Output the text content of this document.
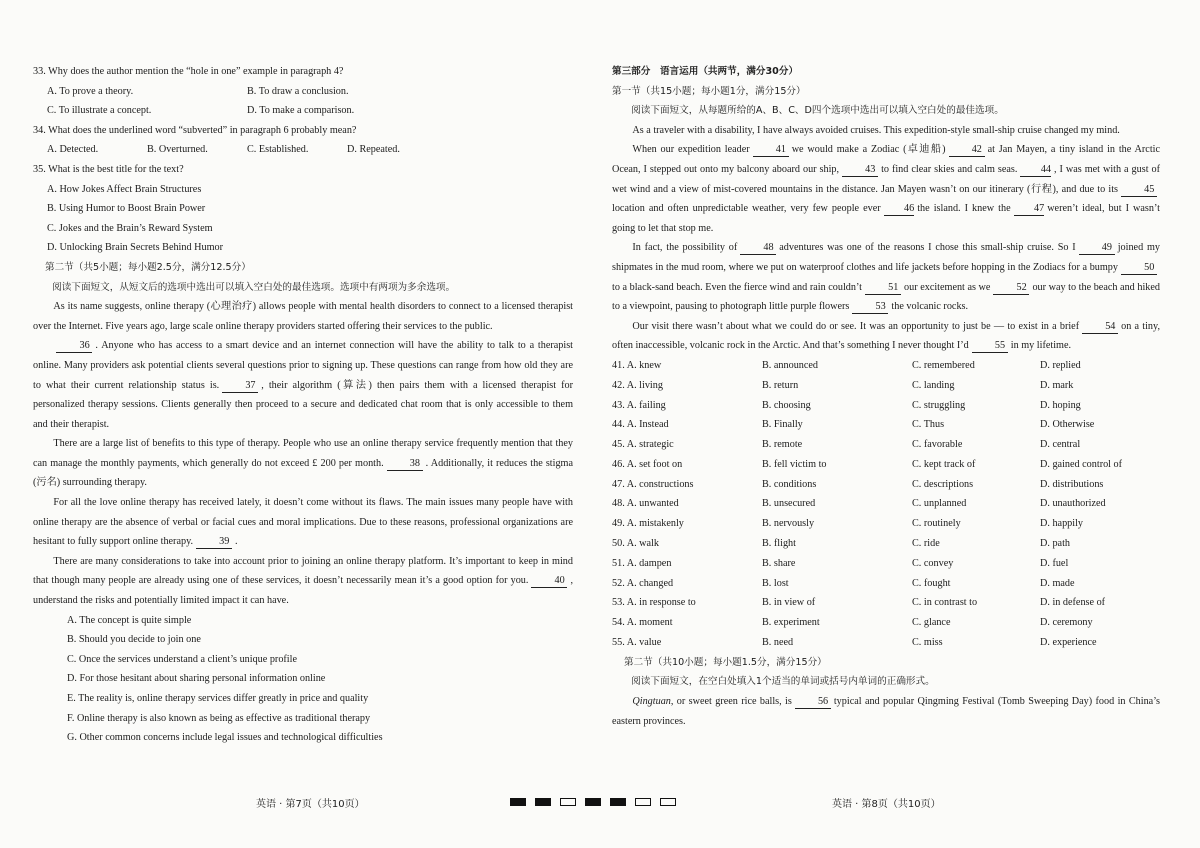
33. Why does the author mention the “hole in one” example in paragraph 4?

A. To prove a theory.	B. To draw a conclusion.
C. To illustrate a concept.	D. To make a comparison.

34. What does the underlined word “subverted” in paragraph 6 probably mean?

A. Detected.	B. Overturned.	C. Established.	D. Repeated.

35. What is the best title for the text?

A. How Jokes Affect Brain Structures

B. Using Humor to Boost Brain Power

C. Jokes and the Brain’s Reward System

D. Unlocking Brain Secrets Behind Humor

第二节（共5小题；每小题2.5分，满分12.5分）

阅读下面短文，从短文后的选项中选出可以填入空白处的最佳选项。选项中有两项为多余选项。

As its name suggests, online therapy (心理治疗) allows people with mental health disorders to connect to a licensed therapist over the Internet. Five years ago, large scale online therapy providers started offering their services to the public.

36 . Anyone who has access to a smart device and an internet connection will have the ability to talk to a therapist online. Many providers ask potential clients several questions prior to signing up. These questions can range from how old they are to what their current relationship status is.	37 , their algorithm (算法) then pairs them with a licensed therapist for personalized therapy sessions. Clients generally then proceed to a secure and dedicated chat room that is only accessible to them and their therapist.

There are a large list of benefits to this type of therapy. People who use an online therapy service frequently mention that they can manage the monthly payments, which generally do not exceed £ 200 per month.	38 . Additionally, it reduces the stigma (污名) surrounding therapy.

For all the love online therapy has received lately, it doesn’t come without its flaws. The main issues many people have with online therapy are the absence of verbal or facial cues and moral implications. Due to these reasons, professional organizations are hesitant to fully support online therapy.	39 .

There are many considerations to take into account prior to joining an online therapy platform. It’s important to keep in mind that though many people are already using one of these services, it doesn’t necessarily mean it’s a good option for you.	40 , understand the risks and potentially limited impact it can have.

A. The concept is quite simple

B. Should you decide to join one

C. Once the services understand a client’s unique profile

D. For those hesitant about sharing personal information online

E. The reality is, online therapy services differ greatly in price and quality

F. Online therapy is also known as being as effective as traditional therapy

G. Other common concerns include legal issues and technological difficulties

第三部分　语言运用（共两节，满分30分）

第一节（共15小题；每小题1分，满分15分）

阅读下面短文，从每题所给的A、B、C、D四个选项中选出可以填入空白处的最佳选项。

As a traveler with a disability, I have always avoided cruises. This expedition-style small-ship cruise changed my mind.

When our expedition leader	41 we would make a Zodiac (卓迪船)	42 at Jan Mayen, a tiny island in the Arctic Ocean, I stepped out onto my balcony aboard our ship,	43 to find clear skies and calm seas. 44 , I was met with a gust of wet wind and a view of mist-covered mountains in the distance. Jan Mayen wasn’t on our itinerary (行程), and due to its	45location and often unpredictable weather, very few people ever 46 the island. I knew the 47 weren’t ideal, but I wasn’t going to let that stop me.

In fact, the possibility of	48 adventures was one of the reasons I chose this small-ship cruise. So I	49 joined my shipmates in the mud room, where we put on waterproof clothes and life jackets before hopping in the Zodiacs for a bumpy	50to a black-sand beach. Even the fierce wind and rain couldn’t	51 our excitement as we	52 our way to the beach and hiked to a viewpoint, pausing to photograph little purple flowers	53 the volcanic rocks.

Our visit there wasn’t about what we could do or see. It was an opportunity to just be — to exist in a brief	54 on a tiny, often inaccessible, volcanic rock in the Arctic. And that’s something I never thought I’d	55 in my lifetime.

41. A. knew	B. announced	C. remembered	D. replied
42. A. living	B. return	C. landing	D. mark
43. A. failing	B. choosing	C. struggling	D. hoping
44. A. Instead	B. Finally	C. Thus	D. Otherwise
45. A. strategic	B. remote	C. favorable	D. central
46. A. set foot on	B. fell victim to	C. kept track of	D. gained control of
47. A. constructions	B. conditions	C. descriptions	D. distributions
48. A. unwanted	B. unsecured	C. unplanned	D. unauthorized
49. A. mistakenly	B. nervously	C. routinely	D. happily
50. A. walk	B. flight	C. ride	D. path
51. A. dampen	B. share	C. convey	D. fuel
52. A. changed	B. lost	C. fought	D. made
53. A. in response to	B. in view of	C. in contrast to	D. in defense of
54. A. moment	B. experiment	C. glance	D. ceremony
55. A. value	B. need	C. miss	D. experience

第二节（共10小题；每小题1.5分，满分15分）

阅读下面短文，在空白处填入1个适当的单词或括号内单词的正确形式。

Qingtuan, or sweet green rice balls, is	56 typical and popular Qingming Festival (Tomb Sweeping Day) food in China’s eastern provinces.

英语 · 第7页（共10页）	英语 · 第8页（共10页）
